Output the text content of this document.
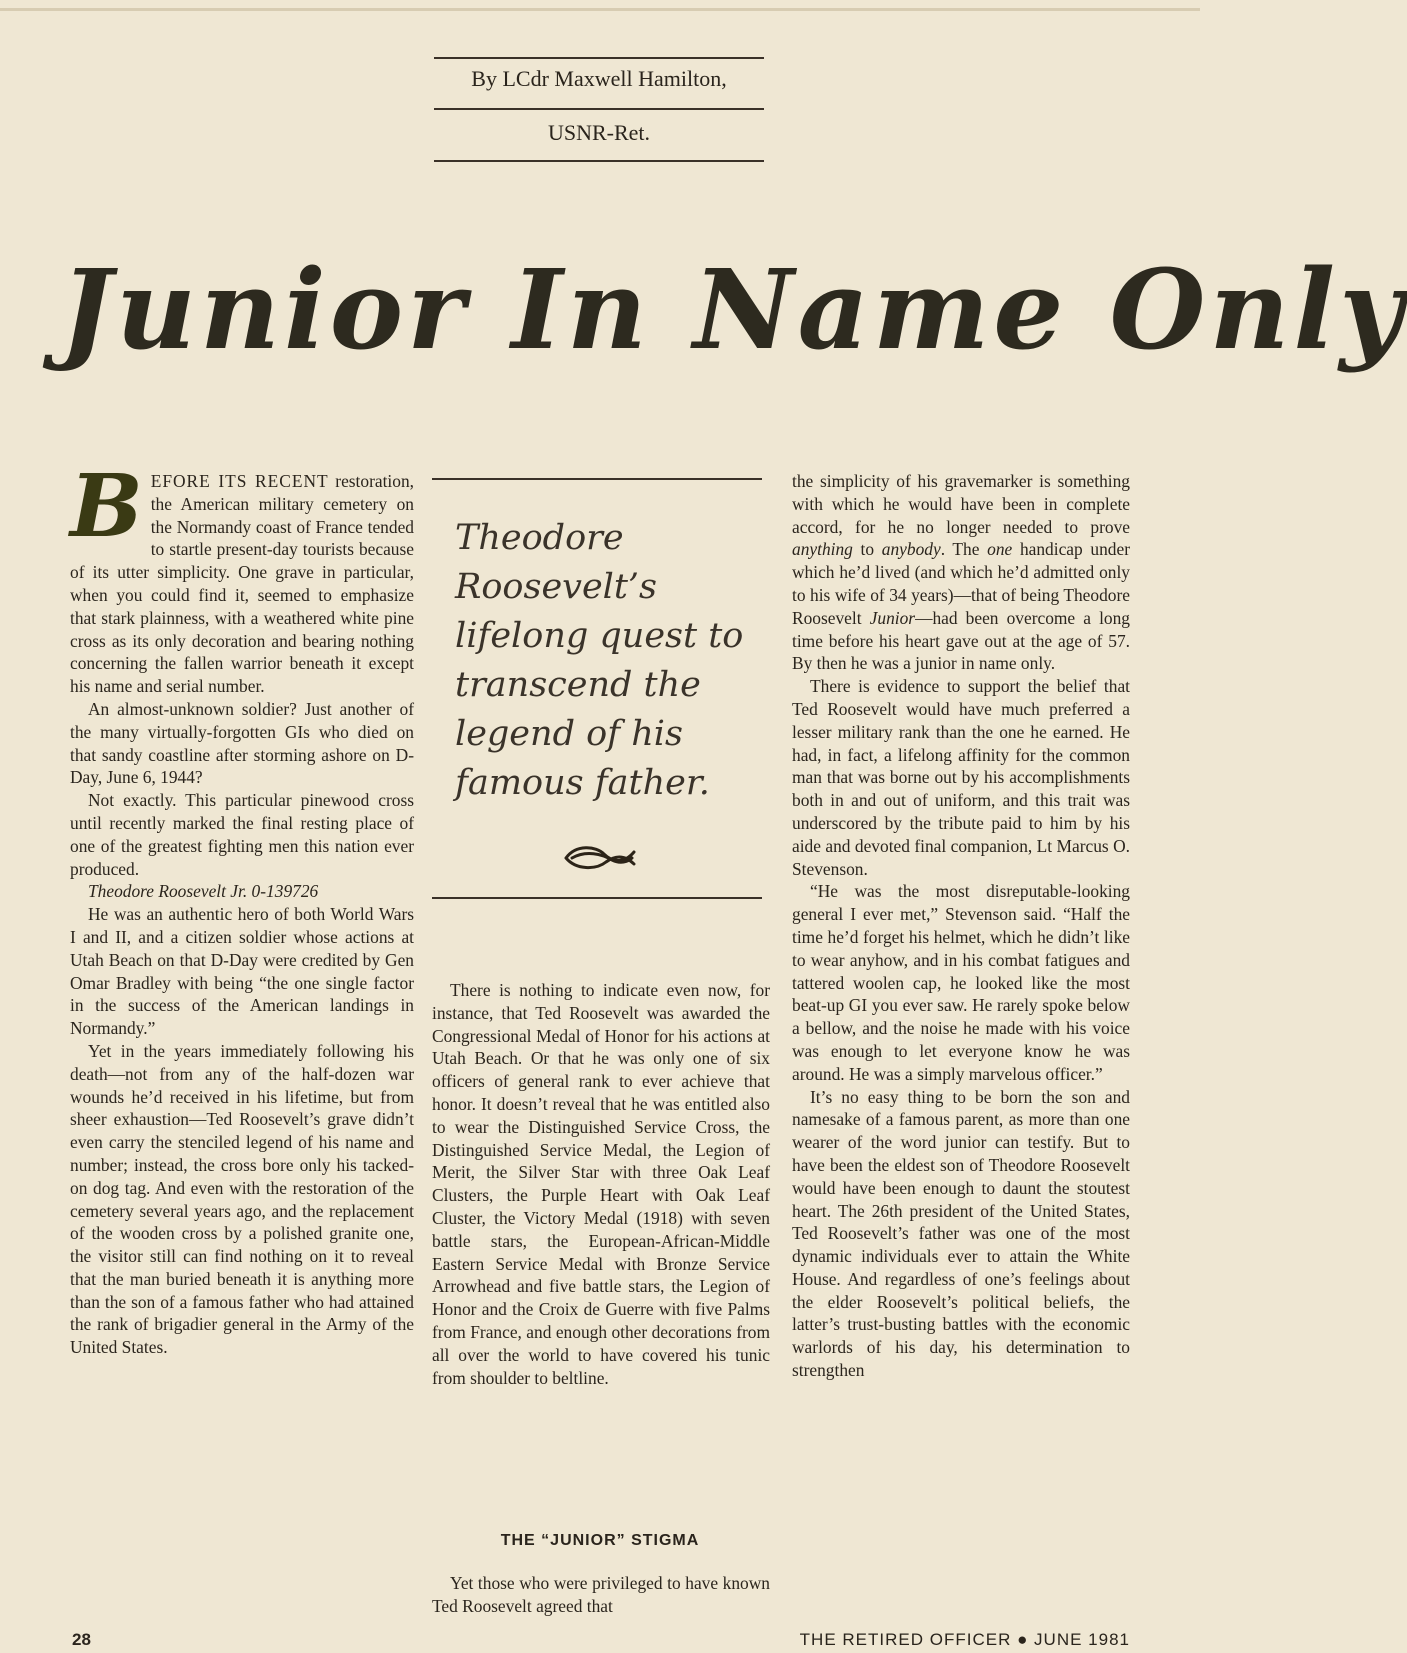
By LCdr Maxwell Hamilton,
USNR-Ret.
Junior In Name Only

BEFORE ITS RECENT restoration, the American military cemetery on the Normandy coast of France tended to startle present-day tourists because of its utter simplicity. One grave in particular, when you could find it, seemed to emphasize that stark plainness, with a weathered white pine cross as its only decoration and bearing nothing concerning the fallen warrior beneath it except his name and serial number.

An almost-unknown soldier? Just another of the many virtually-forgotten GIs who died on that sandy coastline after storming ashore on D-Day, June 6, 1944?

Not exactly. This particular pinewood cross until recently marked the final resting place of one of the greatest fighting men this nation ever produced.

Theodore Roosevelt Jr. 0-139726

He was an authentic hero of both World Wars I and II, and a citizen soldier whose actions at Utah Beach on that D-Day were credited by Gen Omar Bradley with being “the one single factor in the success of the American landings in Normandy.”

Yet in the years immediately following his death—not from any of the half-dozen war wounds he’d received in his lifetime, but from sheer exhaustion—Ted Roosevelt’s grave didn’t even carry the stenciled legend of his name and number; instead, the cross bore only his tacked-on dog tag. And even with the restoration of the cemetery several years ago, and the replacement of the wooden cross by a polished granite one, the visitor still can find nothing on it to reveal that the man buried beneath it is anything more than the son of a famous father who had attained the rank of brigadier general in the Army of the United States.

Theodore Roosevelt’s lifelong quest to transcend the legend of his famous father.

There is nothing to indicate even now, for instance, that Ted Roosevelt was awarded the Congressional Medal of Honor for his actions at Utah Beach. Or that he was only one of six officers of general rank to ever achieve that honor. It doesn’t reveal that he was entitled also to wear the Distinguished Service Cross, the Distinguished Service Medal, the Legion of Merit, the Silver Star with three Oak Leaf Clusters, the Purple Heart with Oak Leaf Cluster, the Victory Medal (1918) with seven battle stars, the European-African-Middle Eastern Service Medal with Bronze Service Arrowhead and five battle stars, the Legion of Honor and the Croix de Guerre with five Palms from France, and enough other decorations from all over the world to have covered his tunic from shoulder to beltline.

THE “JUNIOR” STIGMA

Yet those who were privileged to have known Ted Roosevelt agreed that

the simplicity of his gravemarker is something with which he would have been in complete accord, for he no longer needed to prove anything to anybody. The one handicap under which he’d lived (and which he’d admitted only to his wife of 34 years)—that of being Theodore Roosevelt Junior—had been overcome a long time before his heart gave out at the age of 57. By then he was a junior in name only.

There is evidence to support the belief that Ted Roosevelt would have much preferred a lesser military rank than the one he earned. He had, in fact, a lifelong affinity for the common man that was borne out by his accomplishments both in and out of uniform, and this trait was underscored by the tribute paid to him by his aide and devoted final companion, Lt Marcus O. Stevenson.

“He was the most disreputable-looking general I ever met,” Stevenson said. “Half the time he’d forget his helmet, which he didn’t like to wear anyhow, and in his combat fatigues and tattered woolen cap, he looked like the most beat-up GI you ever saw. He rarely spoke below a bellow, and the noise he made with his voice was enough to let everyone know he was around. He was a simply marvelous officer.”

It’s no easy thing to be born the son and namesake of a famous parent, as more than one wearer of the word junior can testify. But to have been the eldest son of Theodore Roosevelt would have been enough to daunt the stoutest heart. The 26th president of the United States, Ted Roosevelt’s father was one of the most dynamic individuals ever to attain the White House. And regardless of one’s feelings about the elder Roosevelt’s political beliefs, the latter’s trust-busting battles with the economic warlords of his day, his determination to strengthen

28	THE RETIRED OFFICER ● JUNE 1981
